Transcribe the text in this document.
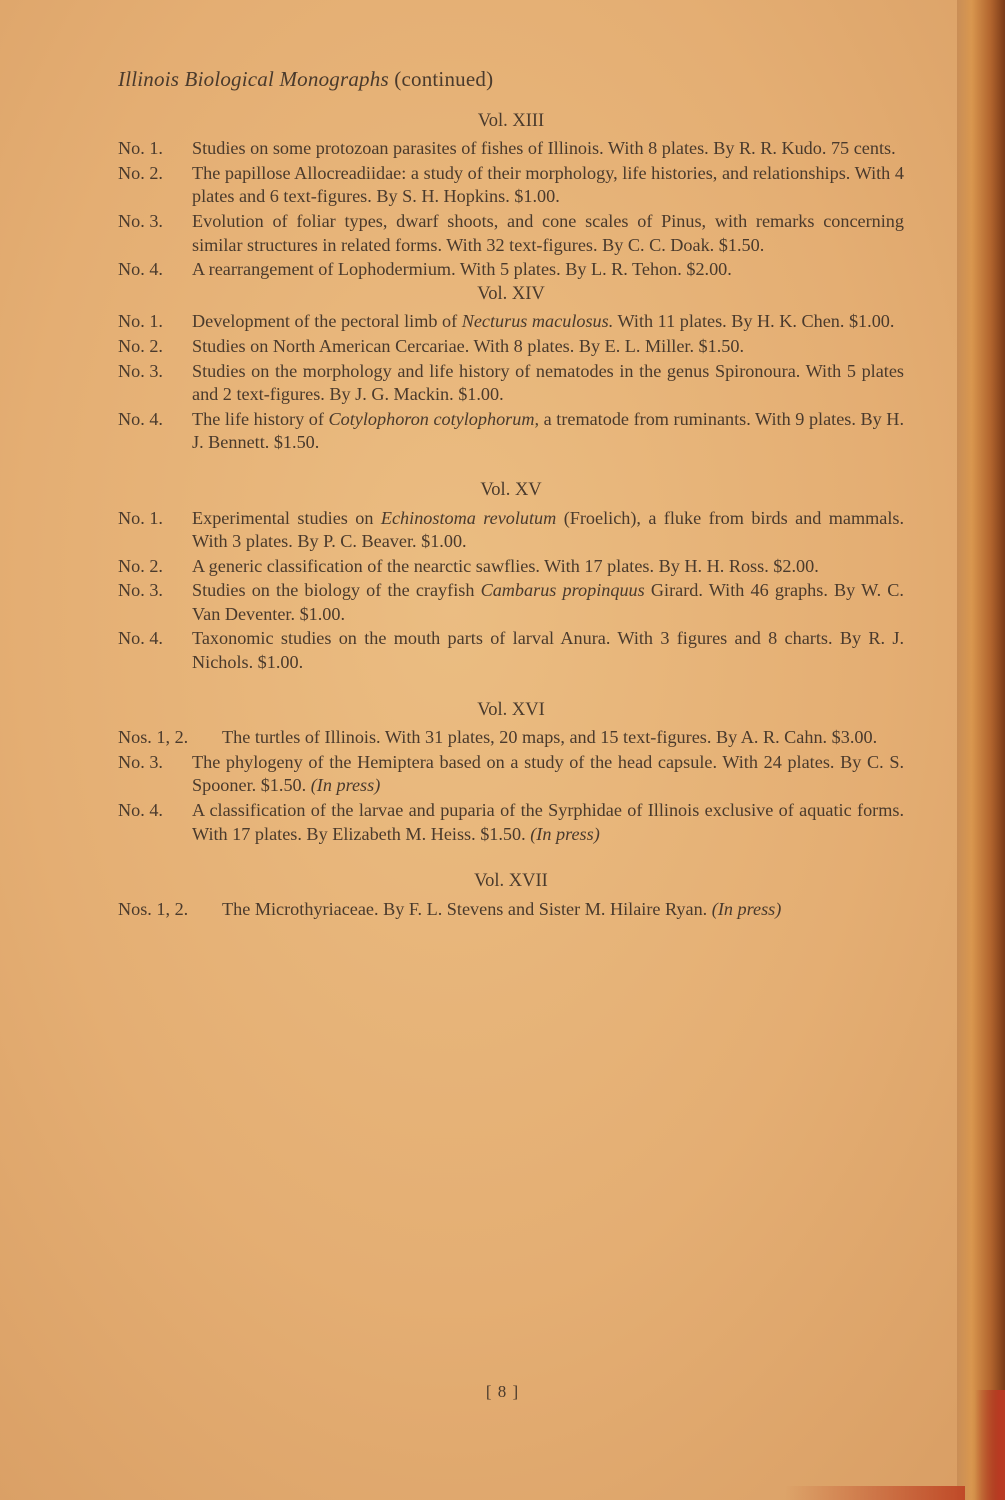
Illinois Biological Monographs (continued)
Vol. XIII
No. 1. Studies on some protozoan parasites of fishes of Illinois. With 8 plates. By R. R. Kudo. 75 cents.
No. 2. The papillose Allocreadiidae: a study of their morphology, life histories, and relationships. With 4 plates and 6 text-figures. By S. H. Hopkins. $1.00.
No. 3. Evolution of foliar types, dwarf shoots, and cone scales of Pinus, with remarks concerning similar structures in related forms. With 32 text-figures. By C. C. Doak. $1.50.
No. 4. A rearrangement of Lophodermium. With 5 plates. By L. R. Tehon. $2.00.
Vol. XIV
No. 1. Development of the pectoral limb of Necturus maculosus. With 11 plates. By H. K. Chen. $1.00.
No. 2. Studies on North American Cercariae. With 8 plates. By E. L. Miller. $1.50.
No. 3. Studies on the morphology and life history of nematodes in the genus Spironoura. With 5 plates and 2 text-figures. By J. G. Mackin. $1.00.
No. 4. The life history of Cotylophoron cotylophorum, a trematode from ruminants. With 9 plates. By H. J. Bennett. $1.50.
Vol. XV
No. 1. Experimental studies on Echinostoma revolutum (Froelich), a fluke from birds and mammals. With 3 plates. By P. C. Beaver. $1.00.
No. 2. A generic classification of the nearctic sawflies. With 17 plates. By H. H. Ross. $2.00.
No. 3. Studies on the biology of the crayfish Cambarus propinquus Girard. With 46 graphs. By W. C. Van Deventer. $1.00.
No. 4. Taxonomic studies on the mouth parts of larval Anura. With 3 figures and 8 charts. By R. J. Nichols. $1.00.
Vol. XVI
Nos. 1, 2. The turtles of Illinois. With 31 plates, 20 maps, and 15 text-figures. By A. R. Cahn. $3.00.
No. 3. The phylogeny of the Hemiptera based on a study of the head capsule. With 24 plates. By C. S. Spooner. $1.50. (In press)
No. 4. A classification of the larvae and puparia of the Syrphidae of Illinois exclusive of aquatic forms. With 17 plates. By Elizabeth M. Heiss. $1.50. (In press)
Vol. XVII
Nos. 1, 2. The Microthyriaceae. By F. L. Stevens and Sister M. Hilaire Ryan. (In press)
[ 8 ]
